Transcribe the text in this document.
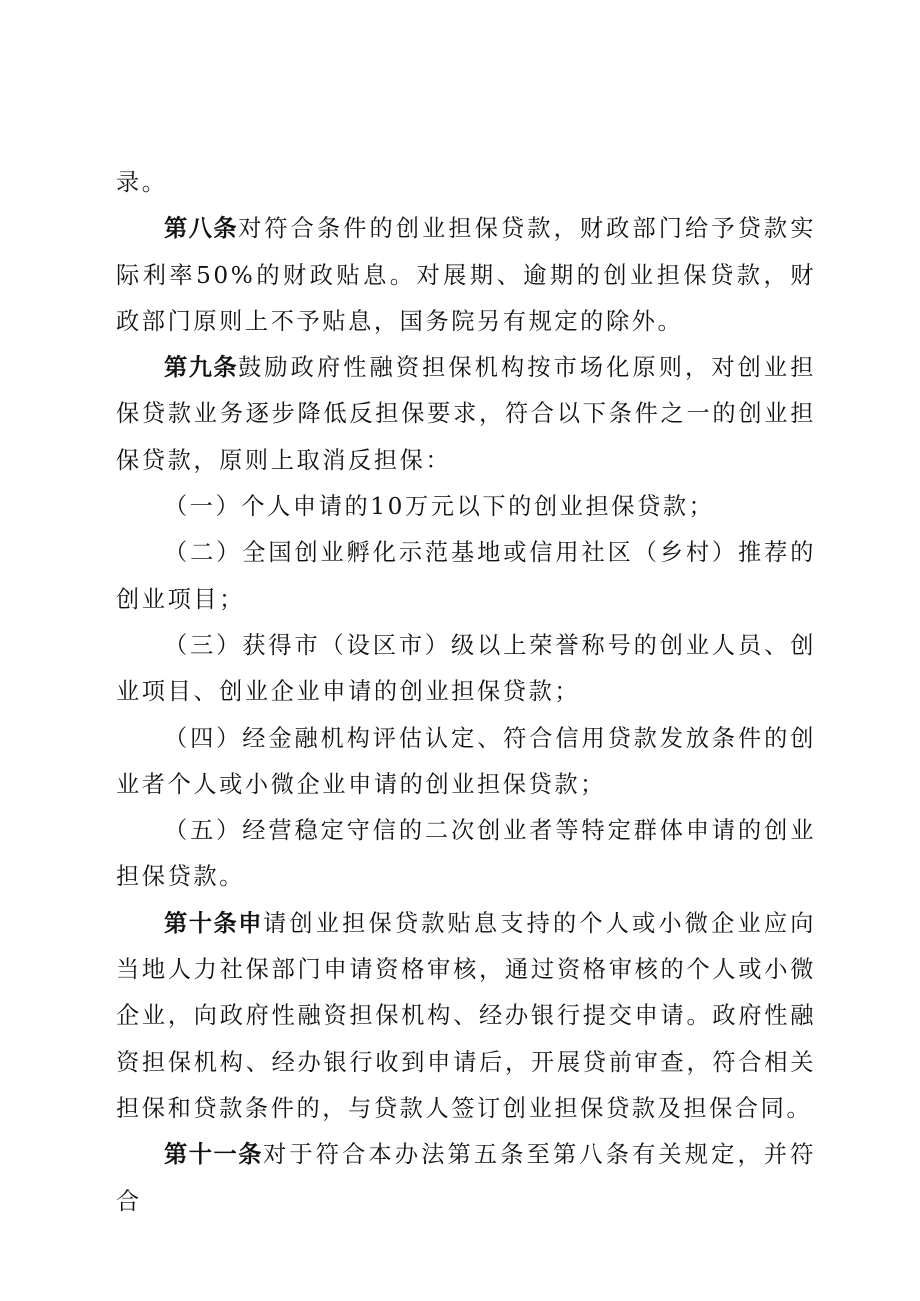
录。

第八条对符合条件的创业担保贷款，财政部门给予贷款实际利率50%的财政贴息。对展期、逾期的创业担保贷款，财政部门原则上不予贴息，国务院另有规定的除外。

第九条鼓励政府性融资担保机构按市场化原则，对创业担保贷款业务逐步降低反担保要求，符合以下条件之一的创业担保贷款，原则上取消反担保：

（一）个人申请的10万元以下的创业担保贷款；

（二）全国创业孵化示范基地或信用社区（乡村）推荐的创业项目；

（三）获得市（设区市）级以上荣誉称号的创业人员、创业项目、创业企业申请的创业担保贷款；

（四）经金融机构评估认定、符合信用贷款发放条件的创业者个人或小微企业申请的创业担保贷款；

（五）经营稳定守信的二次创业者等特定群体申请的创业担保贷款。

第十条申请创业担保贷款贴息支持的个人或小微企业应向当地人力社保部门申请资格审核，通过资格审核的个人或小微企业，向政府性融资担保机构、经办银行提交申请。政府性融资担保机构、经办银行收到申请后，开展贷前审查，符合相关担保和贷款条件的，与贷款人签订创业担保贷款及担保合同。

第十一条对于符合本办法第五条至第八条有关规定，并符合
